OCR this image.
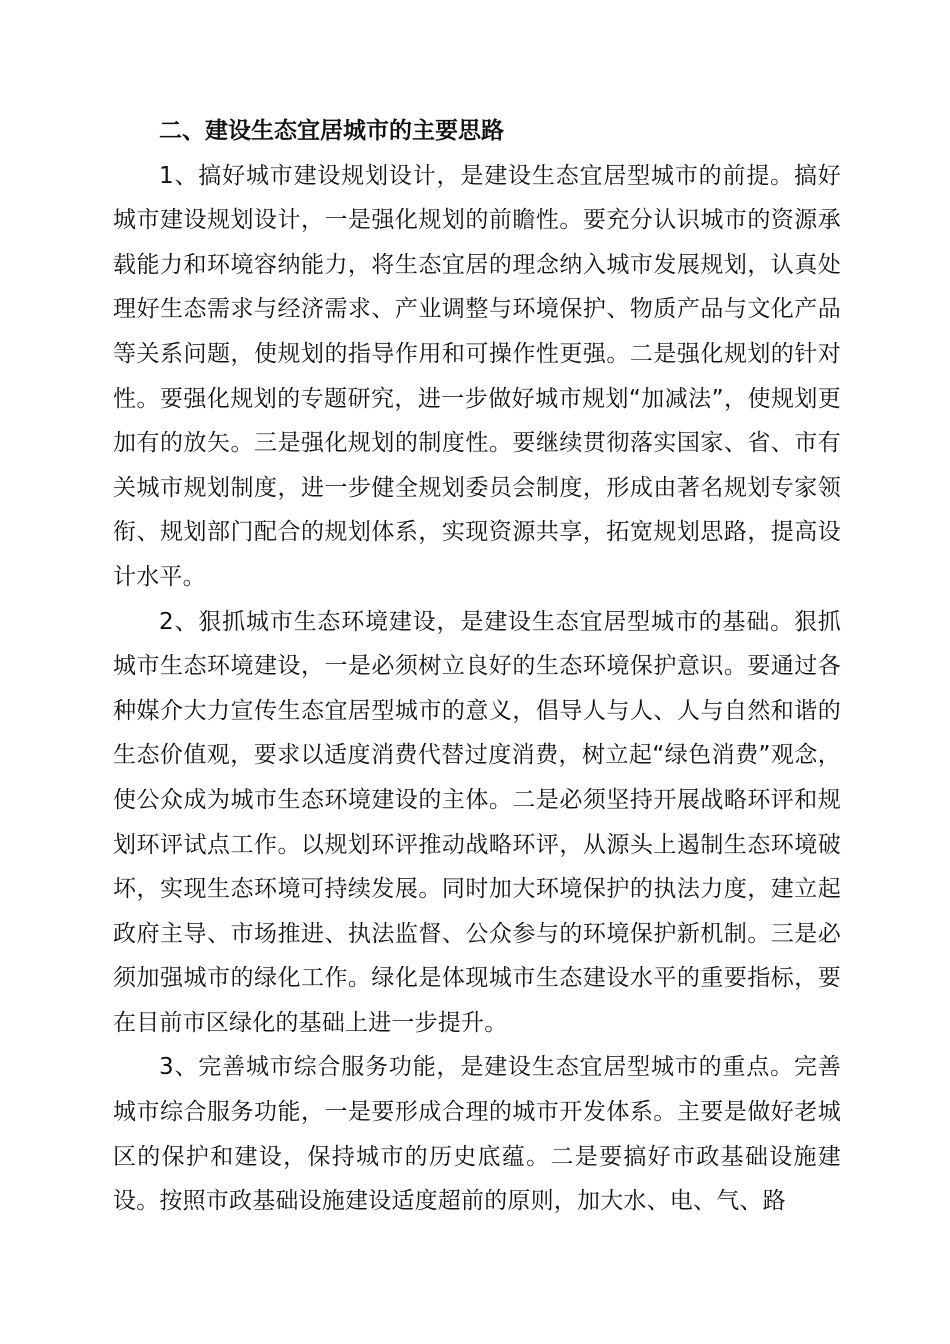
二、建设生态宜居城市的主要思路

1、搞好城市建设规划设计，是建设生态宜居型城市的前提。搞好城市建设规划设计，一是强化规划的前瞻性。要充分认识城市的资源承载能力和环境容纳能力，将生态宜居的理念纳入城市发展规划，认真处理好生态需求与经济需求、产业调整与环境保护、物质产品与文化产品等关系问题，使规划的指导作用和可操作性更强。二是强化规划的针对性。要强化规划的专题研究，进一步做好城市规划“加减法”，使规划更加有的放矢。三是强化规划的制度性。要继续贯彻落实国家、省、市有关城市规划制度，进一步健全规划委员会制度，形成由著名规划专家领衔、规划部门配合的规划体系，实现资源共享，拓宽规划思路，提高设计水平。

2、狠抓城市生态环境建设，是建设生态宜居型城市的基础。狠抓城市生态环境建设，一是必须树立良好的生态环境保护意识。要通过各种媒介大力宣传生态宜居型城市的意义，倡导人与人、人与自然和谐的生态价值观，要求以适度消费代替过度消费，树立起“绿色消费”观念，使公众成为城市生态环境建设的主体。二是必须坚持开展战略环评和规划环评试点工作。以规划环评推动战略环评，从源头上遏制生态环境破坏，实现生态环境可持续发展。同时加大环境保护的执法力度，建立起政府主导、市场推进、执法监督、公众参与的环境保护新机制。三是必须加强城市的绿化工作。绿化是体现城市生态建设水平的重要指标，要在目前市区绿化的基础上进一步提升。

3、完善城市综合服务功能，是建设生态宜居型城市的重点。完善城市综合服务功能，一是要形成合理的城市开发体系。主要是做好老城区的保护和建设，保持城市的历史底蕴。二是要搞好市政基础设施建设。按照市政基础设施建设适度超前的原则，加大水、电、气、路
